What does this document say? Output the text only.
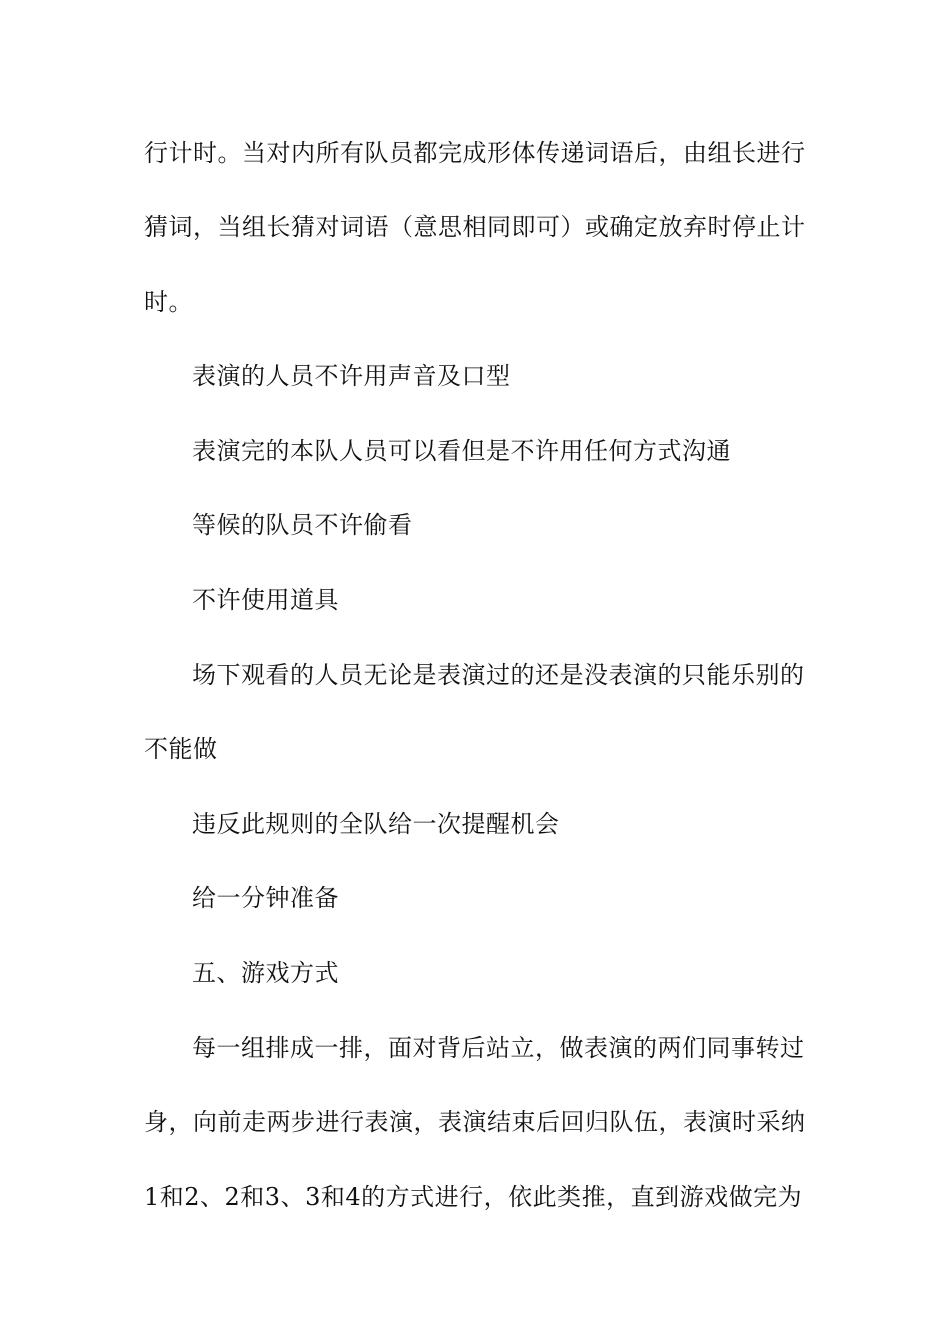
行计时。当对内所有队员都完成形体传递词语后，由组长进行
猜词，当组长猜对词语（意思相同即可）或确定放弃时停止计
时。
表演的人员不许用声音及口型
表演完的本队人员可以看但是不许用任何方式沟通
等候的队员不许偷看
不许使用道具
场下观看的人员无论是表演过的还是没表演的只能乐别的
不能做
违反此规则的全队给一次提醒机会
给一分钟准备
五、游戏方式
每一组排成一排，面对背后站立，做表演的两们同事转过
身，向前走两步进行表演，表演结束后回归队伍，表演时采纳
1和2、2和3、3和4的方式进行，依此类推，直到游戏做完为
